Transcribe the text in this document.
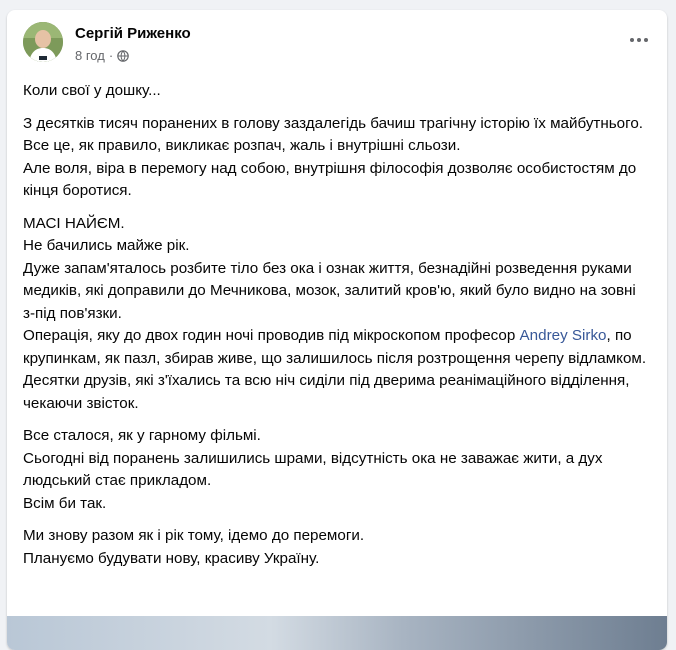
Сергій Риженко
8 год ·

Коли свої у дошку...

З десятків тисяч поранених в голову заздалегідь бачиш трагічну історію їх майбутнього.

Все це, як правило, викликає розпач, жаль і внутрішні сльози.

Але воля, віра в перемогу над собою, внутрішня філософія дозволяє особистостям до кінця боротися.

МАСІ НАЙЄМ.

Не бачились майже рік.

Дуже запам'яталось розбите тіло без ока і ознак життя, безнадійні розведення руками медиків, які доправили до Мечникова, мозок, залитий кров'ю, який було видно на зовні з-під пов'язки.

Операція, яку до двох годин ночі проводив під мікроскопом професор Andrey Sirko, по крупинкам, як пазл, збирав живе, що залишилось після розтрощення черепу відламком.

Десятки друзів, які з'їхались та всю ніч сиділи під дверима реанімаційного відділення, чекаючи звісток.

Все сталося, як у гарному фільмі.

Сьогодні від поранень залишились шрами, відсутність ока не заважає жити, а дух людський стає прикладом.

Всім би так.

Ми знову разом як і рік тому, ідемо до перемоги.

Плануємо будувати нову, красиву Україну.
